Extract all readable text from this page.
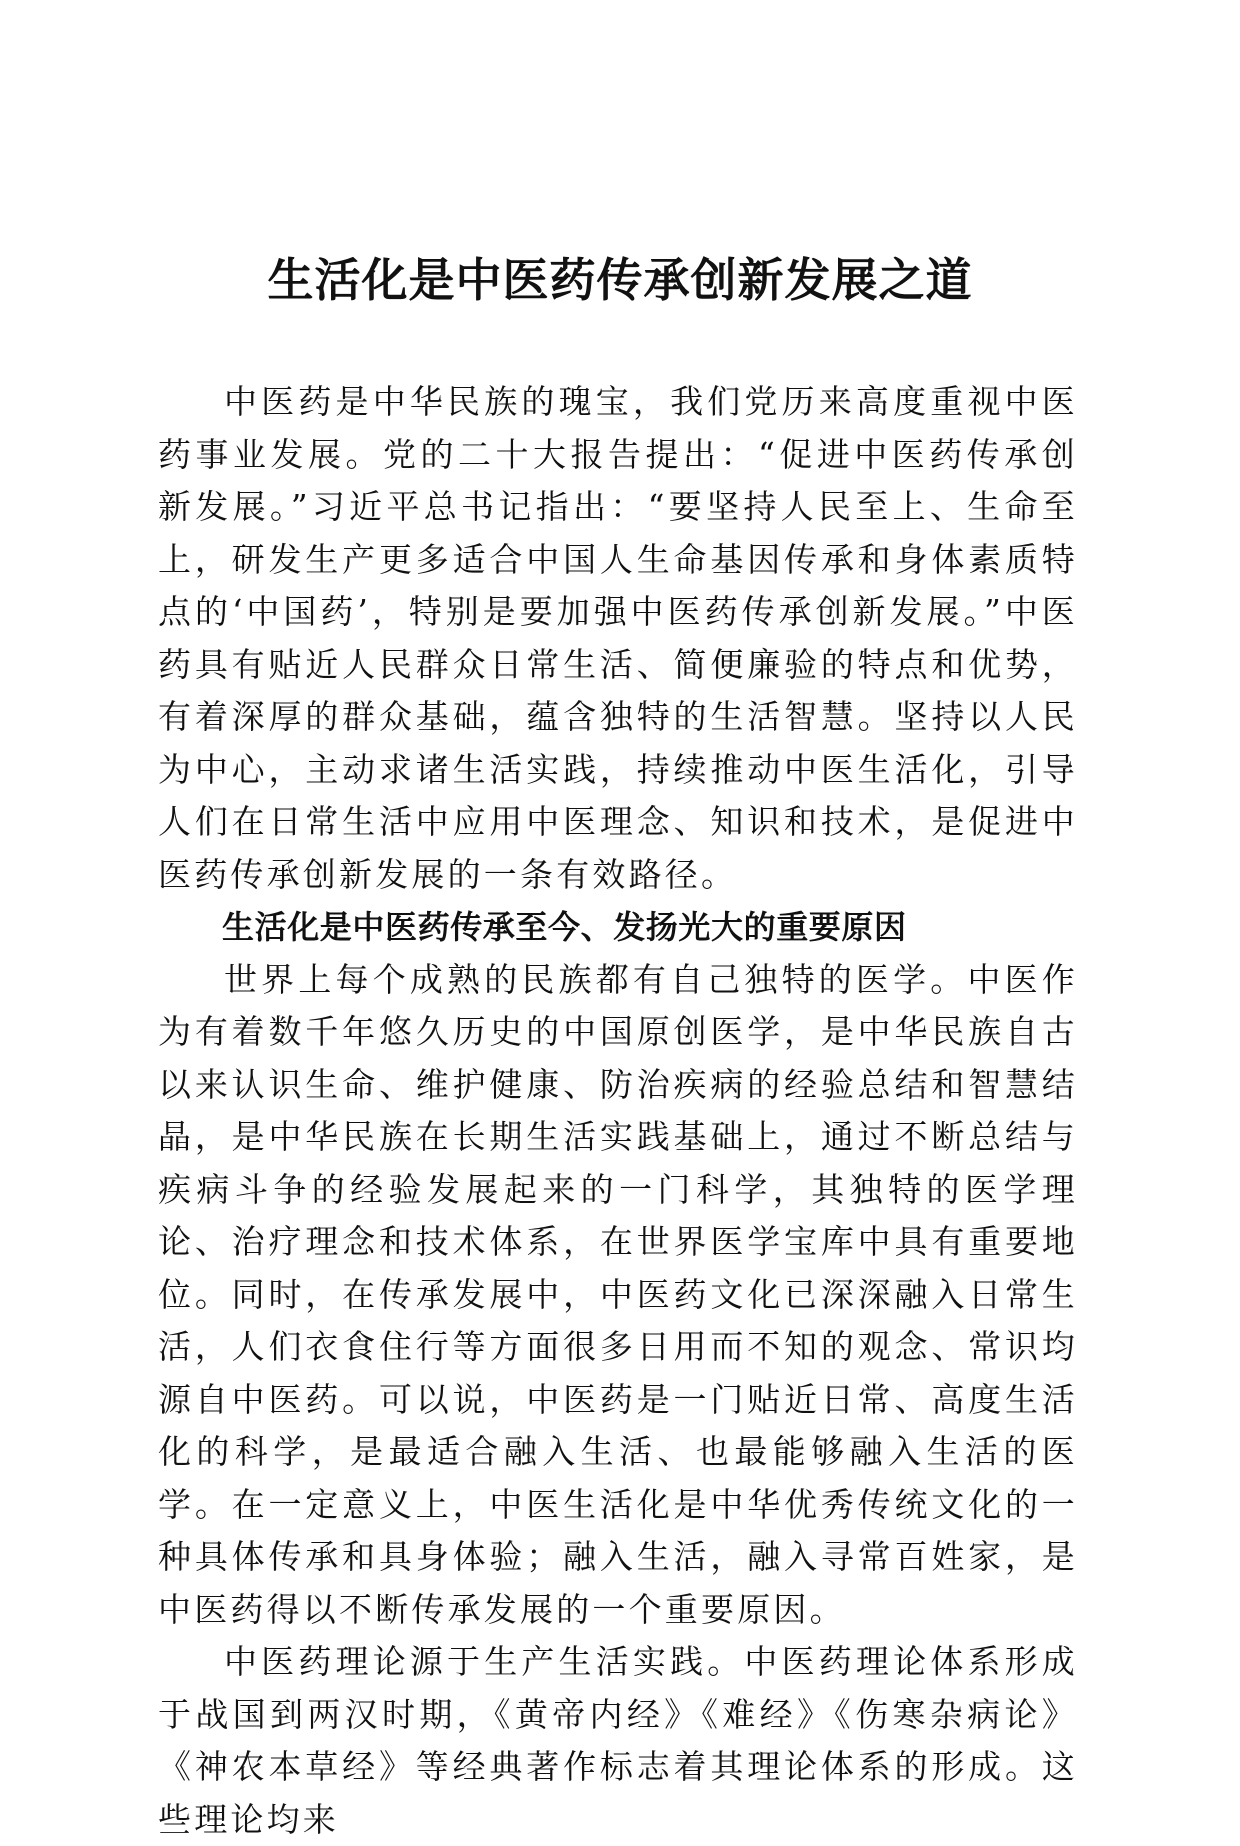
生活化是中医药传承创新发展之道

中医药是中华民族的瑰宝，我们党历来高度重视中医药事业发展。党的二十大报告提出：“促进中医药传承创新发展。”习近平总书记指出：“要坚持人民至上、生命至上，研发生产更多适合中国人生命基因传承和身体素质特点的‘中国药’，特别是要加强中医药传承创新发展。”中医药具有贴近人民群众日常生活、简便廉验的特点和优势，有着深厚的群众基础，蕴含独特的生活智慧。坚持以人民为中心，主动求诸生活实践，持续推动中医生活化，引导人们在日常生活中应用中医理念、知识和技术，是促进中医药传承创新发展的一条有效路径。

生活化是中医药传承至今、发扬光大的重要原因

世界上每个成熟的民族都有自己独特的医学。中医作为有着数千年悠久历史的中国原创医学，是中华民族自古以来认识生命、维护健康、防治疾病的经验总结和智慧结晶，是中华民族在长期生活实践基础上，通过不断总结与疾病斗争的经验发展起来的一门科学，其独特的医学理论、治疗理念和技术体系，在世界医学宝库中具有重要地位。同时，在传承发展中，中医药文化已深深融入日常生活，人们衣食住行等方面很多日用而不知的观念、常识均源自中医药。可以说，中医药是一门贴近日常、高度生活化的科学，是最适合融入生活、也最能够融入生活的医学。在一定意义上，中医生活化是中华优秀传统文化的一种具体传承和具身体验；融入生活，融入寻常百姓家，是中医药得以不断传承发展的一个重要原因。

中医药理论源于生产生活实践。中医药理论体系形成于战国到两汉时期，《黄帝内经》《难经》《伤寒杂病论》《神农本草经》等经典著作标志着其理论体系的形成。这些理论均来
